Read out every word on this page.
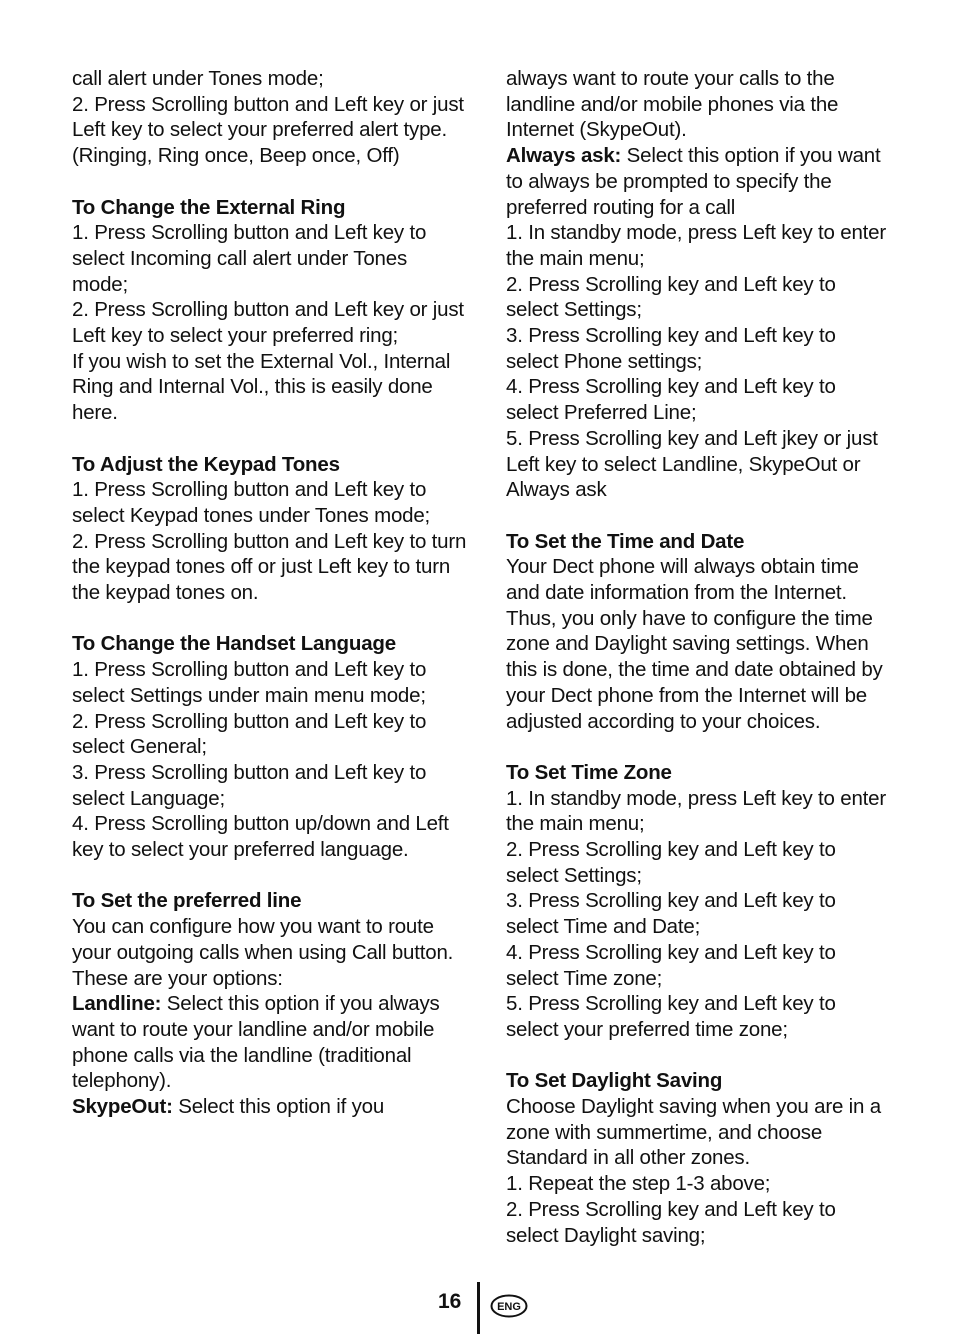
call alert under Tones mode;
2. Press Scrolling button and Left key or just Left key to select your preferred alert type. (Ringing, Ring once, Beep once, Off)
To Change the External Ring
1. Press Scrolling button and Left key to select Incoming call alert under Tones mode;
2. Press Scrolling button and Left key or just Left key to select your preferred ring;
If you wish to set the External Vol., Internal Ring and Internal Vol., this is easily done here.
To Adjust the Keypad Tones
1. Press Scrolling button and Left key to select Keypad tones under Tones mode;
2. Press Scrolling button and Left key to turn the keypad tones off or just Left key to turn the keypad tones on.
To Change the Handset Language
1. Press Scrolling button and Left key to select Settings under main menu mode;
2. Press Scrolling button and Left key to select General;
3. Press Scrolling button and Left key to select Language;
4. Press Scrolling button up/down and Left key to select your preferred language.
To Set the preferred line
You can configure how you want to route your outgoing calls when using Call button.
These are your options:
Landline: Select this option if you always want to route your landline and/or mobile phone calls via the landline (traditional telephony).
SkypeOut: Select this option if you
always want to route your calls to the landline and/or mobile phones via the Internet (SkypeOut).
Always ask: Select this option if you want to always be prompted to specify the preferred routing for a call
1. In standby mode, press Left key to enter the main menu;
2. Press Scrolling key and Left key to select Settings;
3. Press Scrolling key and Left key to select Phone settings;
4. Press Scrolling key and Left key to select Preferred Line;
5. Press Scrolling key and Left jkey or just Left key to select Landline, SkypeOut or Always ask
To Set the Time and Date
Your Dect phone will always obtain time and date information from the Internet. Thus, you only have to configure the time zone and Daylight saving settings. When this is done, the time and date obtained by your Dect phone from the Internet will be adjusted according to your choices.
To Set Time Zone
1. In standby mode, press Left key to enter the main menu;
2. Press Scrolling key and Left key to select Settings;
3. Press Scrolling key and Left key to select Time and Date;
4. Press Scrolling key and Left key to select Time zone;
5. Press Scrolling key and Left key to select your preferred time zone;
To Set Daylight Saving
Choose Daylight saving when you are in a zone with summertime, and choose Standard in all other zones.
1. Repeat the step 1-3 above;
2. Press Scrolling key and Left key to select Daylight saving;
16	ENG
